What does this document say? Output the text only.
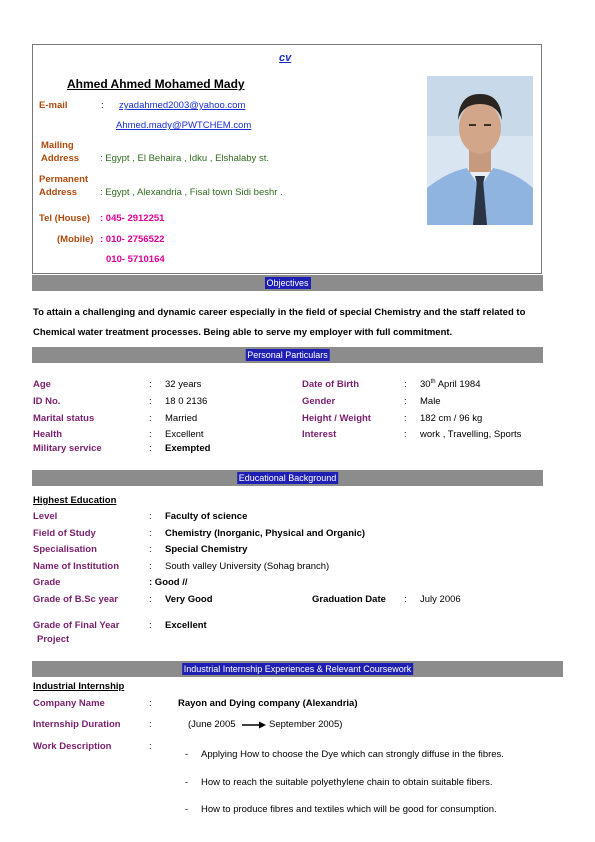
cv
Ahmed Ahmed Mohamed Mady
E-mail	: zyadahmed2003@yahoo.com
Ahmed.mady@PWTCHEM.com
Mailing
Address : Egypt , El Behaira , Idku , Elshalaby st.
Permanent
Address : Egypt , Alexandria , Fisal town Sidi beshr .
Tel (House) : 045- 2912251
(Mobile) : 010- 2756522
010- 5710164
Objectives
To attain a challenging and dynamic career especially in the field of special Chemistry and the staff related to
Chemical water treatment processes. Being able to serve my employer with full commitment.
Personal Particulars
Age	: 32 years	Date of Birth	: 30th April 1984
ID No.	: 18 0 2136	Gender	: Male
Marital status	: Married	Height / Weight	: 182 cm / 96 kg
Health	: Excellent	Interest	: work , Travelling, Sports
Military service	: Exempted
Educational Background
Highest Education
Level	: Faculty of science
Field of Study	: Chemistry (Inorganic, Physical and Organic)
Specialisation	: Special Chemistry
Name of Institution	: South valley University (Sohag branch)
Grade	: Good //
Grade of B.Sc year	: Very Good	Graduation Date : July 2006
Grade of Final Year
Project
: Excellent
Industrial Internship Experiences & Relevant Coursework
Industrial Internship
Company Name	:	Rayon and Dying company (Alexandria)
Internship Duration	:	(June 2005	September 2005)
Work Description	:
- Applying How to choose the Dye which can strongly diffuse in the fibres.
- How to reach the suitable polyethylene chain to obtain suitable fibers.
- How to produce fibres and textiles which will be good for consumption.
